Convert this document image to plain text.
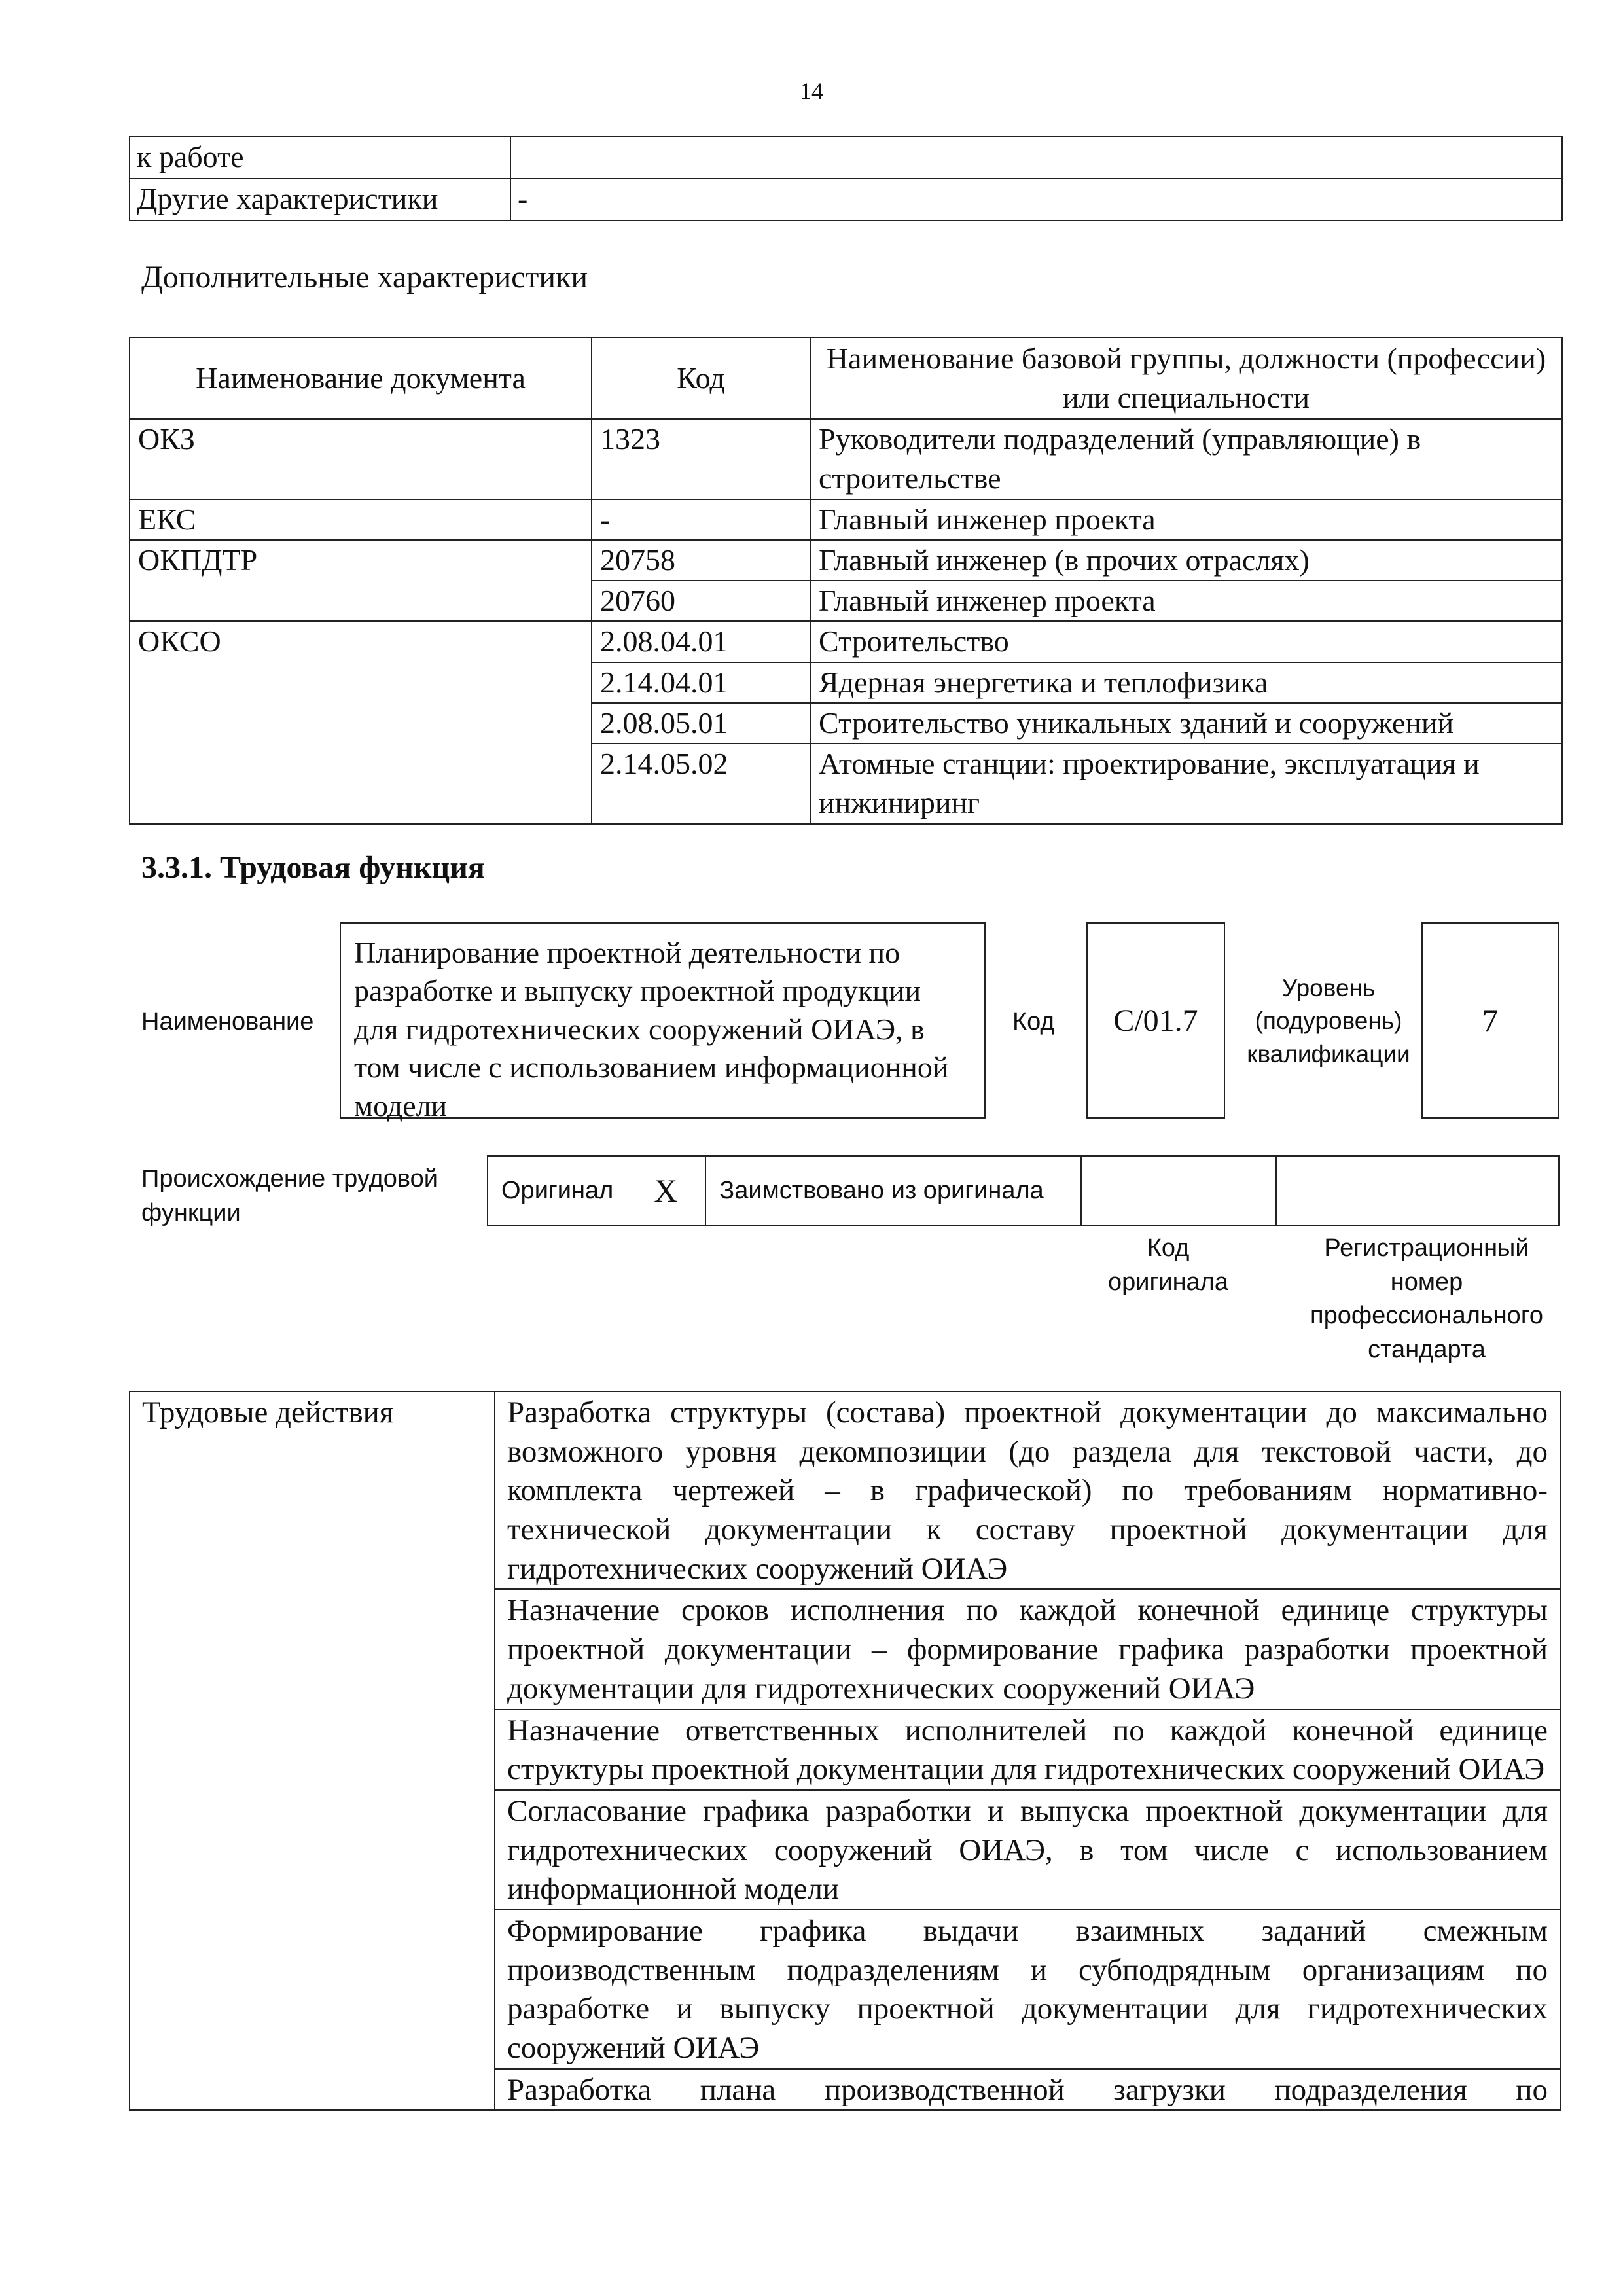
14
к работе	
Другие характеристики	-
Дополнительные характеристики
Наименование документа	Код	Наименование базовой группы, должности (профессии) или специальности
ОКЗ	1323	Руководители подразделений (управляющие) в строительстве
ЕКС	-	Главный инженер проекта
ОКПДТР	20758	Главный инженер (в прочих отраслях)
	20760	Главный инженер проекта
ОКСО	2.08.04.01	Строительство
	2.14.04.01	Ядерная энергетика и теплофизика
	2.08.05.01	Строительство уникальных зданий и сооружений
	2.14.05.02	Атомные станции: проектирование, эксплуатация и инжиниринг
3.3.1. Трудовая функция
Наименование
Планирование проектной деятельности по разработке и выпуску проектной продукции для гидротехнических сооружений ОИАЭ, в том числе с использованием информационной модели
Код	С/01.7
Уровень (подуровень) квалификации
7
Происхождение трудовой функции
Оригинал	X	Заимствовано из оригинала		
Код оригинала
Регистрационный номер профессионального стандарта
Трудовые действия	Разработка структуры (состава) проектной документации до максимально возможного уровня декомпозиции (до раздела для текстовой части, до комплекта чертежей – в графической) по требованиям нормативно-технической документации к составу проектной документации для гидротехнических сооружений ОИАЭ
Назначение сроков исполнения по каждой конечной единице структуры проектной документации – формирование графика разработки проектной документации для гидротехнических сооружений ОИАЭ
Назначение ответственных исполнителей по каждой конечной единице структуры проектной документации для гидротехнических сооружений ОИАЭ
Согласование графика разработки и выпуска проектной документации для гидротехнических сооружений ОИАЭ, в том числе с использованием информационной модели
Формирование графика выдачи взаимных заданий смежным производственным подразделениям и субподрядным организациям по разработке и выпуску проектной документации для гидротехнических сооружений ОИАЭ
Разработка плана производственной загрузки подразделения по
